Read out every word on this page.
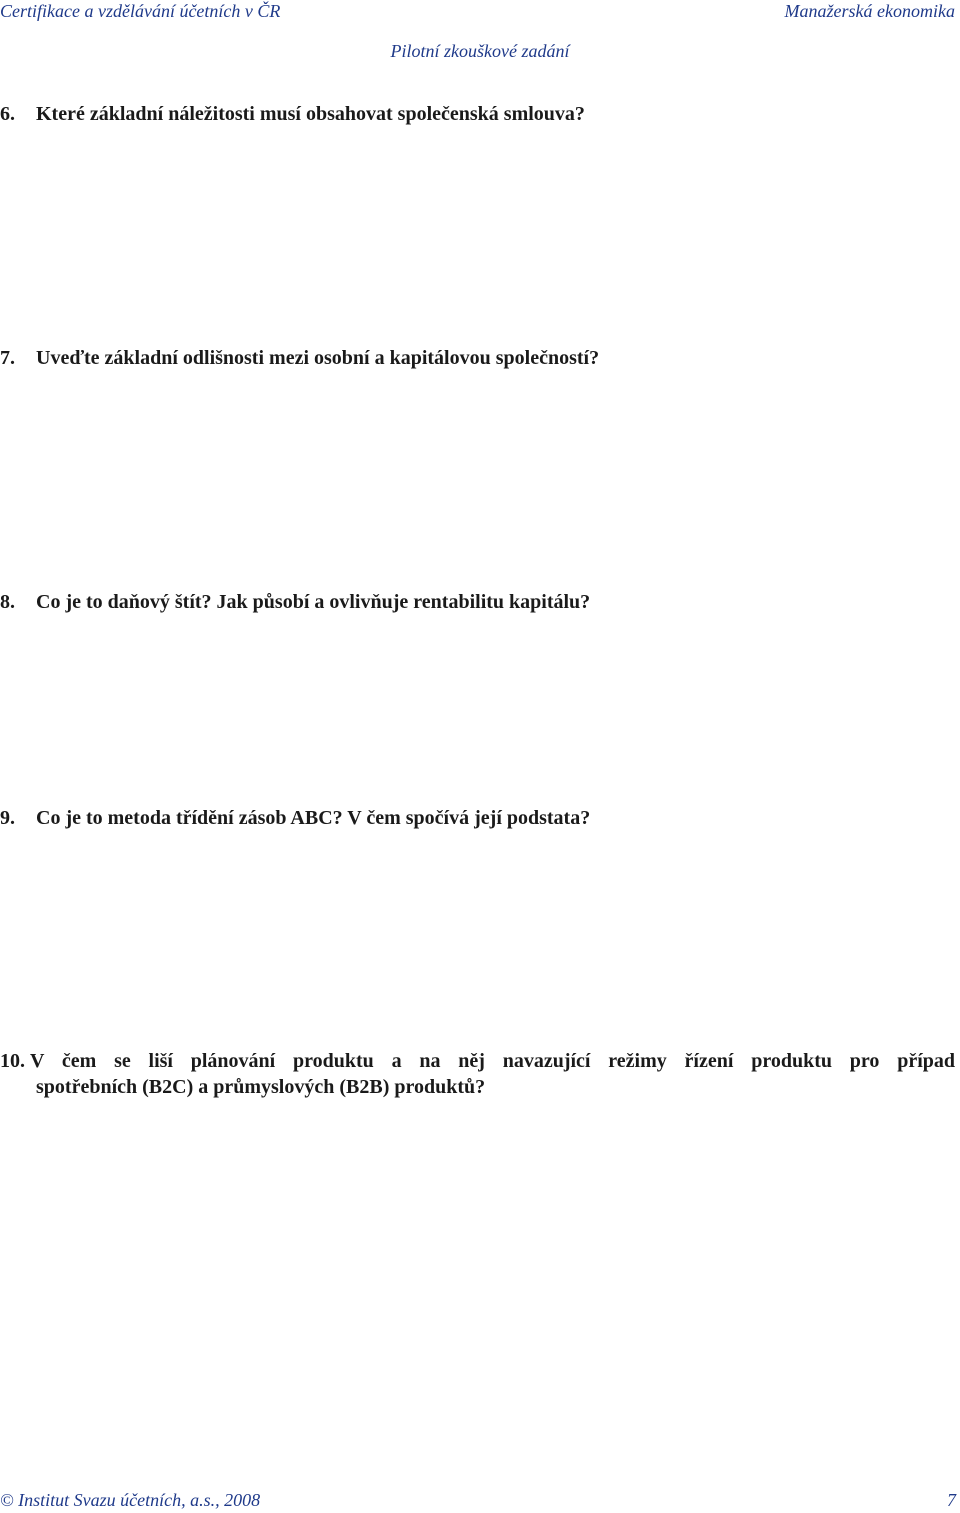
Certifikace a vzdělávání účetních v ČR	Manažerská ekonomika
Pilotní zkouškové zadání
6. Které základní náležitosti musí obsahovat společenská smlouva?
7. Uveďte základní odlišnosti mezi osobní a kapitálovou společností?
8. Co je to daňový štít? Jak působí a ovlivňuje rentabilitu kapitálu?
9. Co je to metoda třídění zásob ABC? V čem spočívá její podstata?
10. V čem se liší plánování produktu a na něj navazující režimy řízení produktu pro případ
spotřebních (B2C) a průmyslových (B2B) produktů?
© Institut Svazu účetních, a.s., 2008	7
